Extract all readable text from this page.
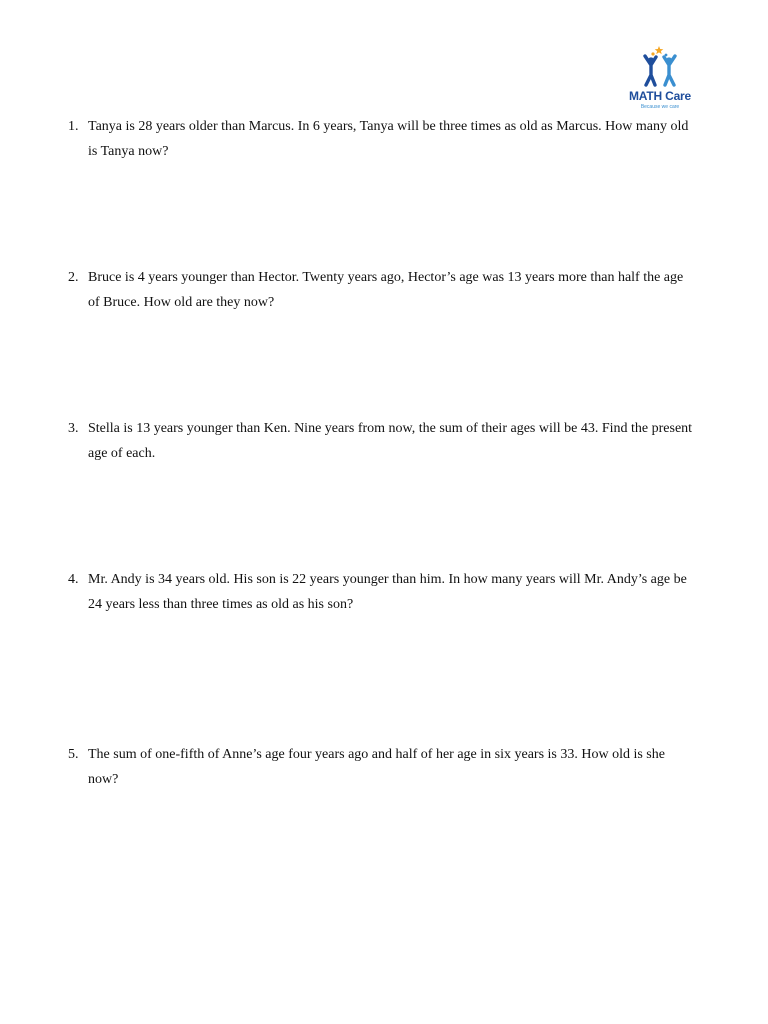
MATH Care
Because we care
1. Tanya is 28 years older than Marcus. In 6 years, Tanya will be three times as old as Marcus. How many old is Tanya now?
2. Bruce is 4 years younger than Hector. Twenty years ago, Hector’s age was 13 years more than half the age of Bruce. How old are they now?
3. Stella is 13 years younger than Ken. Nine years from now, the sum of their ages will be 43. Find the present age of each.
4. Mr. Andy is 34 years old. His son is 22 years younger than him. In how many years will Mr. Andy’s age be 24 years less than three times as old as his son?
5. The sum of one-fifth of Anne’s age four years ago and half of her age in six years is 33. How old is she now?
